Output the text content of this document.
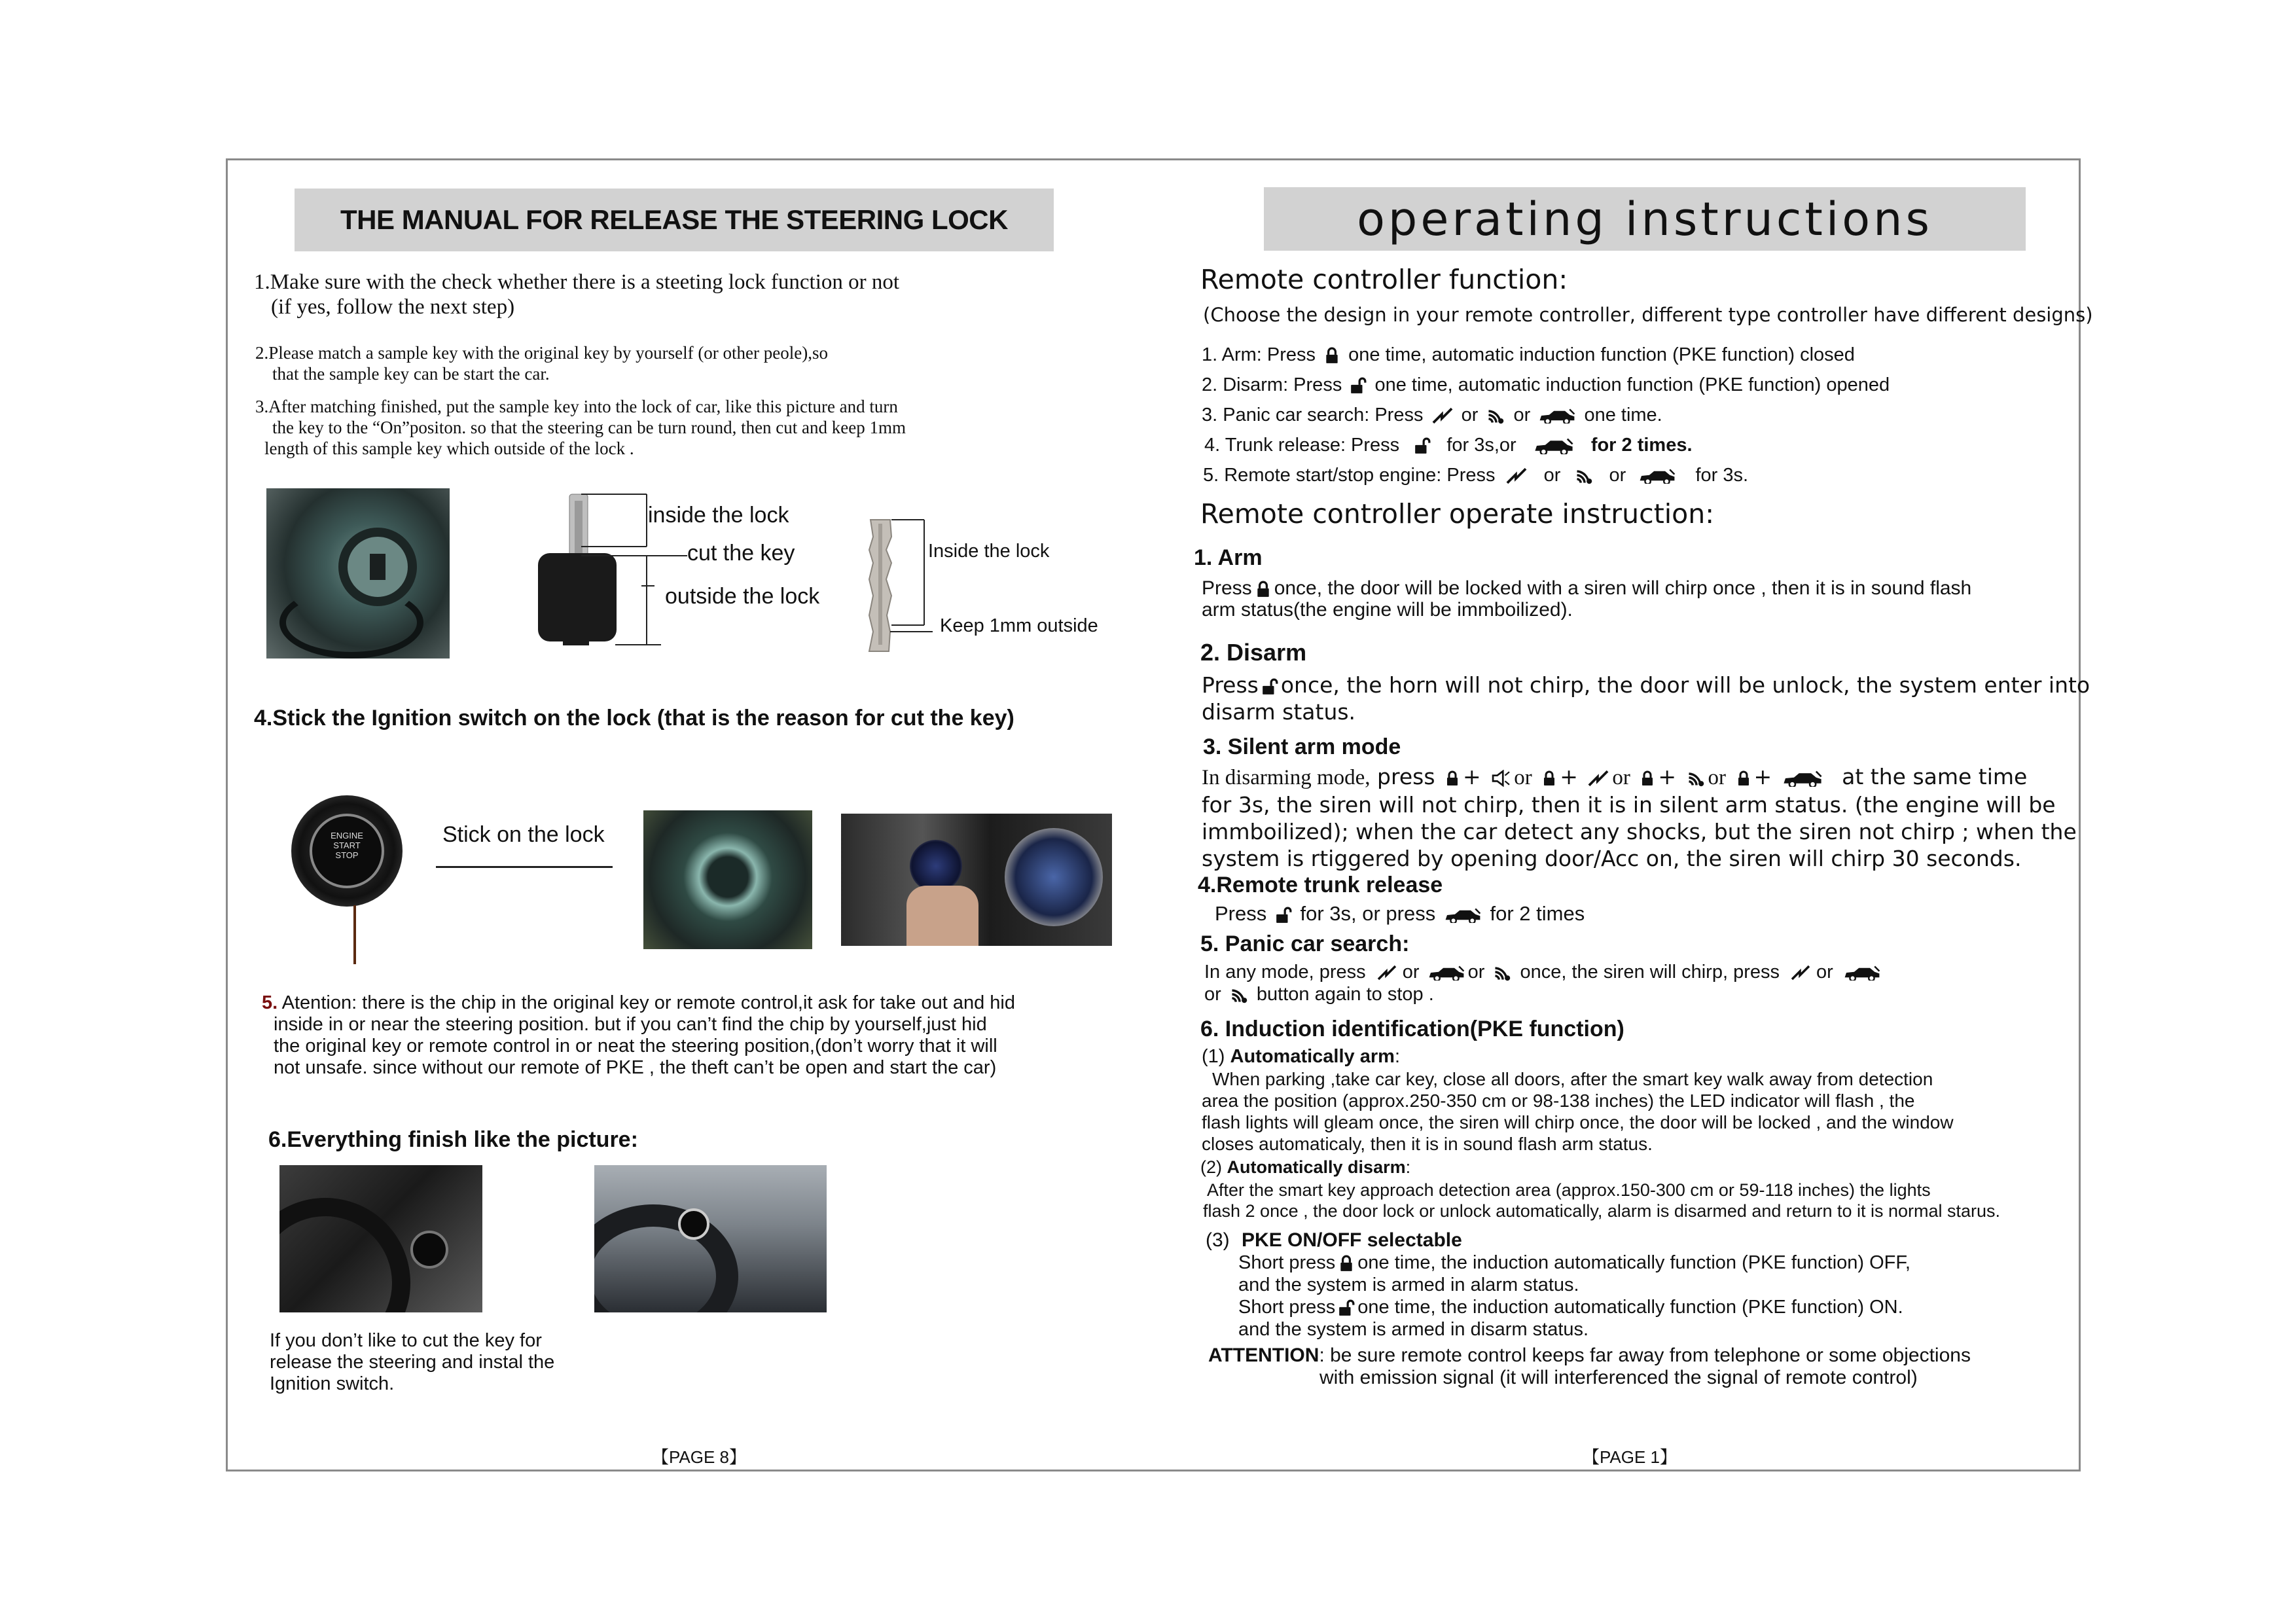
THE MANUAL FOR RELEASE THE STEERING LOCK
1.Make sure with the check whether there is a steeting lock function or not
(if yes, follow the next step)
2.Please match a sample key with the original key by yourself (or other peole),so
that the sample key can be start the car.
3.After matching finished, put the sample key into the lock of car, like this picture and turn
the key to the “On”positon. so that the steering can be turn round, then cut and keep 1mm
length of this sample key which outside of the lock .
inside the lock
cut the key
outside the lock
Inside the lock
Keep 1mm outside
4.Stick the Ignition switch on the lock (that is the reason for cut the key)
ENGINE
START
STOP
Stick on the lock
5. Atention: there is the chip in the original key or remote control,it ask for take out and hid
inside in or near the steering position. but if you can’t find the chip by yourself,just hid
the original key or remote control in or neat the steering position,(don’t worry that it will
not unsafe. since without our remote of PKE , the theft can’t be open and start the car)
6.Everything finish like the picture:
If you don’t like to cut the key for
release the steering and instal the
Ignition switch.
【PAGE 8】
operating instructions
Remote controller function:
(Choose the design in your remote controller, different type controller have different designs)
1. Arm: Press one time, automatic induction function (PKE function) closed
2. Disarm: Press one time, automatic induction function (PKE function) opened
3. Panic car search: Press or or	one time.
4. Trunk release: Press for 3s,or	for 2 times.
5. Remote start/stop engine: Press	or	or	for 3s.
Remote controller operate instruction:
1. Arm
Press once, the door will be locked with a siren will chirp once , then it is in sound flash
arm status(the engine will be immboilized).
2. Disarm
Press once, the horn will not chirp, the door will be unlock, the system enter into
disarm status.
3. Silent arm mode
In disarming mode, press + or + or + or +	at the same time
for 3s, the siren will not chirp, then it is in silent arm status. (the engine will be
immboilized); when the car detect any shocks, but the siren not chirp ; when the
system is rtiggered by opening door/Acc on, the siren will chirp 30 seconds.
4.Remote trunk release
Press for 3s, or press	for 2 times
5. Panic car search:
In any mode, press or	or once, the siren will chirp, press or
or button again to stop .
6. Induction identification(PKE function)
(1) Automatically arm:
When parking ,take car key, close all doors, after the smart key walk away from detection
area the position (approx.250-350 cm or 98-138 inches) the LED indicator will flash , the
flash lights will gleam once, the siren will chirp once, the door will be locked , and the window
closes automaticaly, then it is in sound flash arm status.
(2) Automatically disarm:
After the smart key approach detection area (approx.150-300 cm or 59-118 inches) the lights
flash 2 once , the door lock or unlock automatically, alarm is disarmed and return to it is normal starus.
(3) PKE ON/OFF selectable
Short press one time, the induction automatically function (PKE function) OFF,
and the system is armed in alarm status.
Short press one time, the induction automatically function (PKE function) ON.
and the system is armed in disarm status.
ATTENTION: be sure remote control keeps far away from telephone or some objections
with emission signal (it will interferenced the signal of remote control)
【PAGE 1】
